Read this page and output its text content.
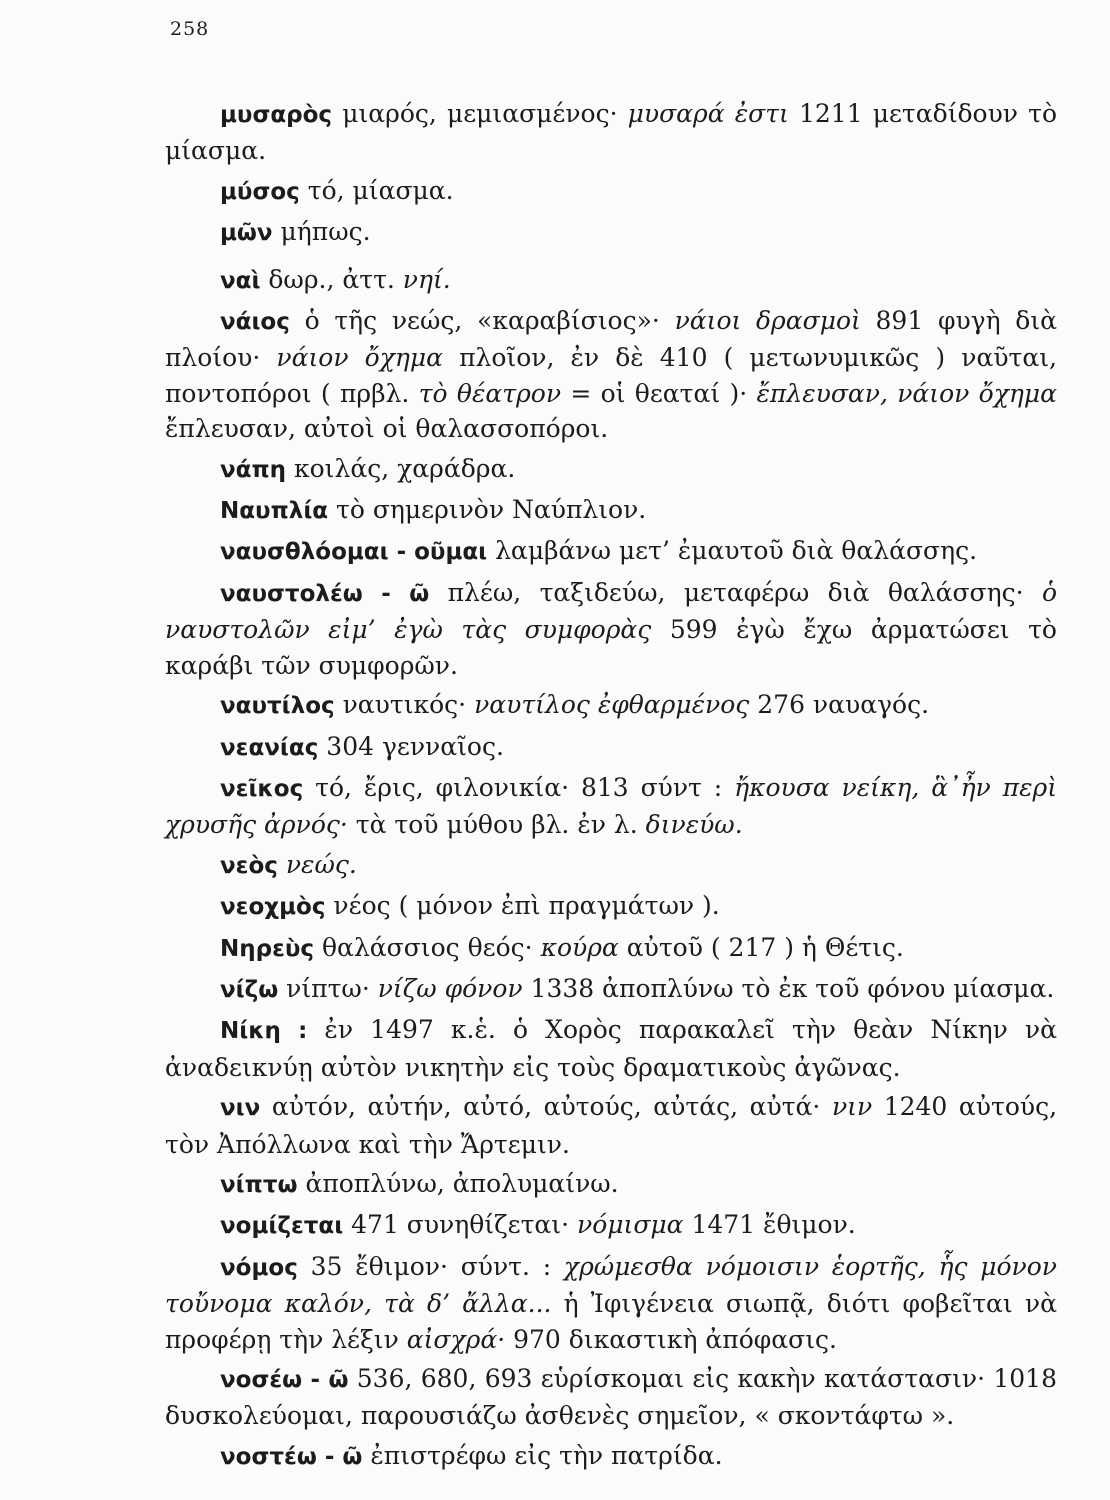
258

μυσαρὸς μιαρός, μεμιασμένος· μυσαρά ἐστι 1211 μεταδίδουν τὸ μίασμα.

μύσος τό, μίασμα.

μῶν μήπως.

ναὶ δωρ., ἀττ. νηί.

νάιος ὁ τῆς νεώς, «καραβίσιος»· νάιοι δρασμοὶ 891 φυγὴ διὰ πλοίου· νάιον ὄχημα πλοῖον, ἐν δὲ 410 ( μετωνυμικῶς ) ναῦται, ποντοπόροι ( πρβλ. τὸ θέατρον = οἱ θεαταί )· ἔπλευσαν, νάιον ὄχημα ἔπλευσαν, αὐτοὶ οἱ θαλασσοπόροι.

νάπη κοιλάς, χαράδρα.

Ναυπλία τὸ σημερινὸν Ναύπλιον.

ναυσθλόομαι - οῦμαι λαμβάνω μετ’ ἐμαυτοῦ διὰ θαλάσσης.

ναυστολέω - ῶ πλέω, ταξιδεύω, μεταφέρω διὰ θαλάσσης· ὁ ναυστολῶν εἰμ’ ἐγὼ τὰς συμφορὰς 599 ἐγὼ ἔχω ἀρματώσει τὸ καράβι τῶν συμφορῶν.

ναυτίλος ναυτικός· ναυτίλος ἐφθαρμένος 276 ναυαγός.

νεανίας 304 γενναῖος.

νεῖκος τό, ἔρις, φιλονικία· 813 σύντ : ἤκουσα νείκη, ἃ᾿ἦν περὶ χρυσῆς ἀρνός· τὰ τοῦ μύθου βλ. ἐν λ. δινεύω.

νεὸς νεώς.

νεοχμὸς νέος ( μόνον ἐπὶ πραγμάτων ).

Νηρεὺς θαλάσσιος θεός· κούρα αὐτοῦ ( 217 ) ἡ Θέτις.

νίζω νίπτω· νίζω φόνον 1338 ἀποπλύνω τὸ ἐκ τοῦ φόνου μίασμα.

Νίκη : ἐν 1497 κ.ἑ. ὁ Χορὸς παρακαλεῖ τὴν θεὰν Νίκην νὰ ἀναδεικνύῃ αὐτὸν νικητὴν εἰς τοὺς δραματικοὺς ἀγῶνας.

νιν αὐτόν, αὐτήν, αὐτό, αὐτούς, αὐτάς, αὐτά· νιν 1240 αὐτούς, τὸν Ἀπόλλωνα καὶ τὴν Ἄρτεμιν.

νίπτω ἀποπλύνω, ἀπολυμαίνω.

νομίζεται 471 συνηθίζεται· νόμισμα 1471 ἔθιμον.

νόμος 35 ἔθιμον· σύντ. : χρώμεσθα νόμοισιν ἑορτῆς, ἧς μόνον τοὔνομα καλόν, τὰ δ’ ἄλλα... ἡ Ἰφιγένεια σιωπᾷ, διότι φοβεῖται νὰ προφέρῃ τὴν λέξιν αἰσχρά· 970 δικαστικὴ ἀπόφασις.

νοσέω - ῶ 536, 680, 693 εὑρίσκομαι εἰς κακὴν κατάστασιν· 1018 δυσκολεύομαι, παρουσιάζω ἀσθενὲς σημεῖον, « σκοντάφτω ».

νοστέω - ῶ ἐπιστρέφω εἰς τὴν πατρίδα.
